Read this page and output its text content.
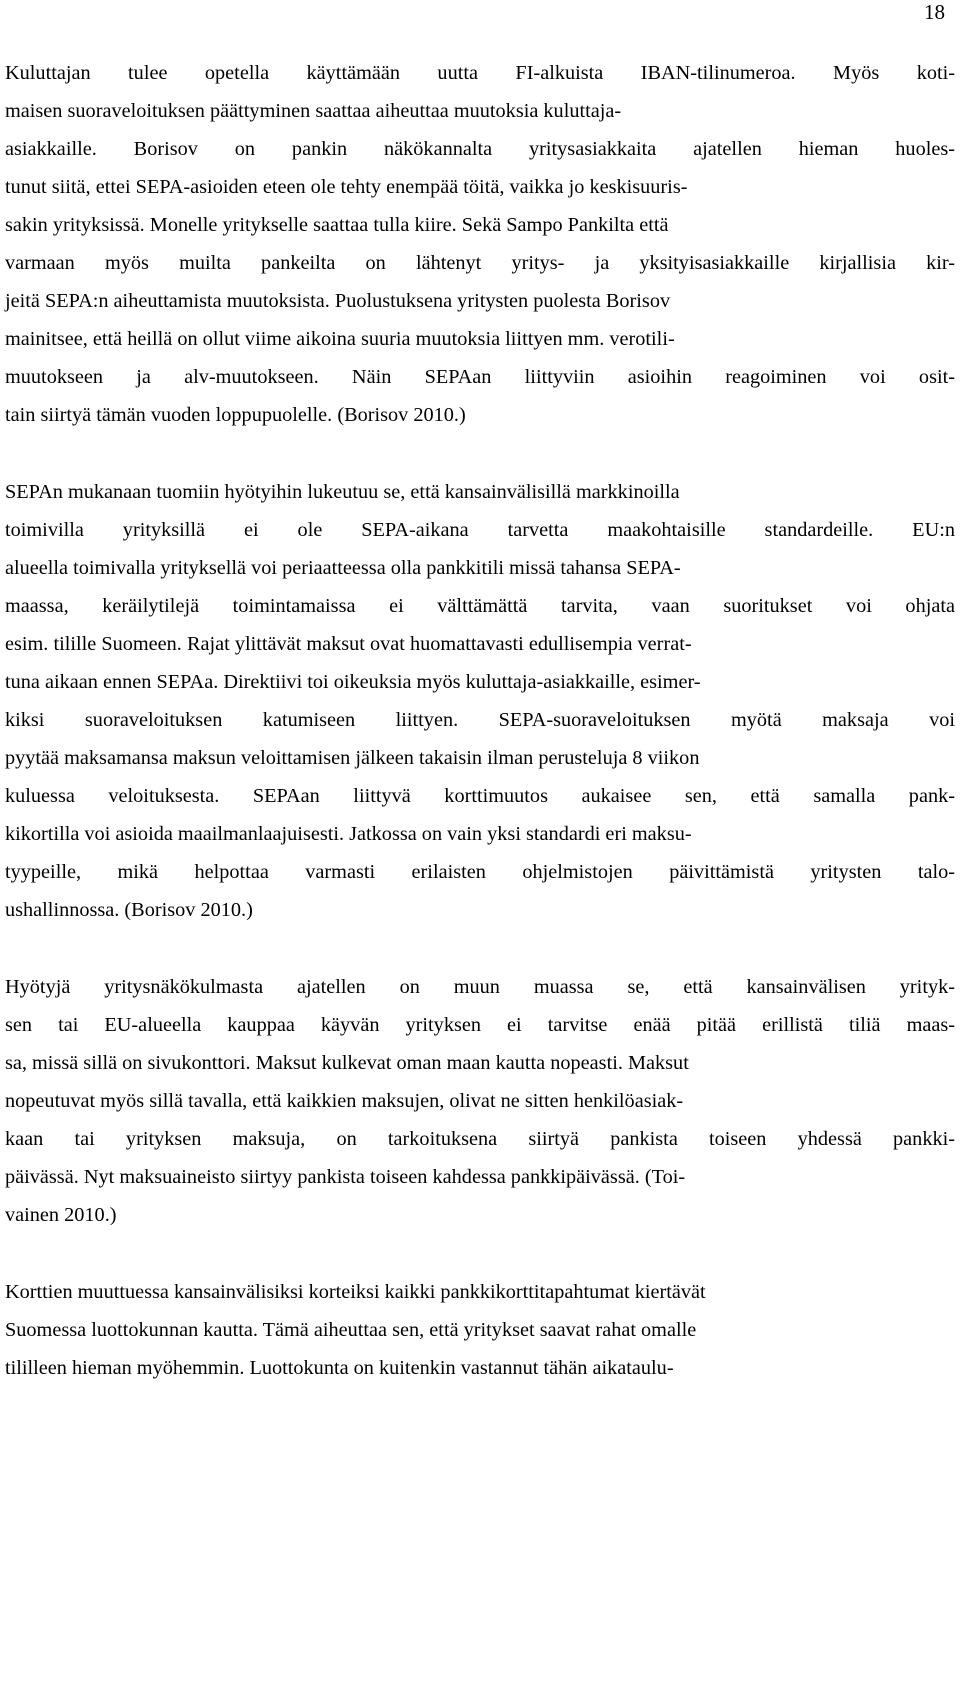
18
Kuluttajan tulee opetella käyttämään uutta FI-alkuista IBAN-tilinumeroa. Myös koti-
maisen suoraveloituksen päättyminen saattaa aiheuttaa muutoksia kuluttaja-
asiakkaille. Borisov on pankin näkökannalta yritysasiakkaita ajatellen hieman huoles-
tunut siitä, ettei SEPA-asioiden eteen ole tehty enempää töitä, vaikka jo keskisuuris-
sakin yrityksissä. Monelle yritykselle saattaa tulla kiire. Sekä Sampo Pankilta että
varmaan myös muilta pankeilta on lähtenyt yritys- ja yksityisasiakkaille kirjallisia kir-
jeitä SEPA:n aiheuttamista muutoksista. Puolustuksena yritysten puolesta Borisov
mainitsee, että heillä on ollut viime aikoina suuria muutoksia liittyen mm. verotili-
muutokseen ja alv-muutokseen. Näin SEPAan liittyviin asioihin reagoiminen voi osit-
tain siirtyä tämän vuoden loppupuolelle. (Borisov 2010.)
SEPAn mukanaan tuomiin hyötyihin lukeutuu se, että kansainvälisillä markkinoilla
toimivilla yrityksillä ei ole SEPA-aikana tarvetta maakohtaisille standardeille. EU:n
alueella toimivalla yrityksellä voi periaatteessa olla pankkitili missä tahansa SEPA-
maassa, keräilytilejä toimintamaissa ei välttämättä tarvita, vaan suoritukset voi ohjata
esim. tilille Suomeen. Rajat ylittävät maksut ovat huomattavasti edullisempia verrat-
tuna aikaan ennen SEPAa. Direktiivi toi oikeuksia myös kuluttaja-asiakkaille, esimer-
kiksi suoraveloituksen katumiseen liittyen. SEPA-suoraveloituksen myötä maksaja voi
pyytää maksamansa maksun veloittamisen jälkeen takaisin ilman perusteluja 8 viikon
kuluessa veloituksesta. SEPAan liittyvä korttimuutos aukaisee sen, että samalla pank-
kikortilla voi asioida maailmanlaajuisesti. Jatkossa on vain yksi standardi eri maksu-
tyypeille, mikä helpottaa varmasti erilaisten ohjelmistojen päivittämistä yritysten talo-
ushallinnossa. (Borisov 2010.)
Hyötyjä yritysnäkökulmasta ajatellen on muun muassa se, että kansainvälisen yrityk-
sen tai EU-alueella kauppaa käyvän yrityksen ei tarvitse enää pitää erillistä tiliä maas-
sa, missä sillä on sivukonttori. Maksut kulkevat oman maan kautta nopeasti. Maksut
nopeutuvat myös sillä tavalla, että kaikkien maksujen, olivat ne sitten henkilöasiak-
kaan tai yrityksen maksuja, on tarkoituksena siirtyä pankista toiseen yhdessä pankki-
päivässä. Nyt maksuaineisto siirtyy pankista toiseen kahdessa pankkipäivässä. (Toi-
vainen 2010.)
Korttien muuttuessa kansainvälisiksi korteiksi kaikki pankkikorttitapahtumat kiertävät
Suomessa luottokunnan kautta. Tämä aiheuttaa sen, että yritykset saavat rahat omalle
tililleen hieman myöhemmin. Luottokunta on kuitenkin vastannut tähän aikataulu-
